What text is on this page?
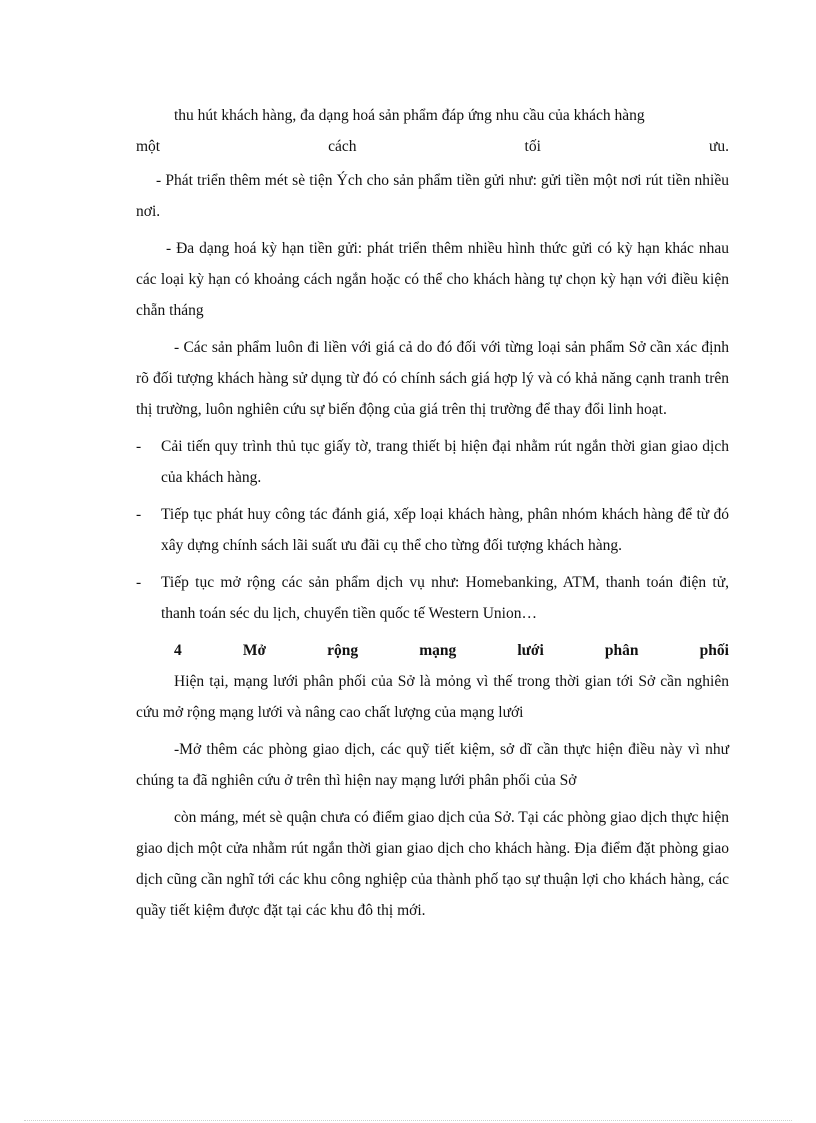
thu hút khách hàng, đa dạng hoá sản phẩm đáp ứng nhu cầu của khách hàng

một	cách	tối	ưu.

- Phát triển thêm mét sè tiện Ých cho sản phẩm tiền gửi như: gửi tiền một nơi rút tiền nhiều nơi.

- Đa dạng hoá kỳ hạn tiền gửi: phát triển thêm nhiều hình thức gửi có kỳ hạn khác nhau các loại kỳ hạn có khoảng cách ngắn hoặc có thể cho khách hàng tự chọn kỳ hạn với điều kiện chẵn tháng

- Các sản phẩm luôn đi liền với giá cả do đó đối với từng loại sản phẩm Sở cần xác định rõ đối tượng khách hàng sử dụng từ đó có chính sách giá hợp lý và có khả năng cạnh tranh trên thị trường, luôn nghiên cứu sự biến động của giá trên thị trường để thay đổi linh hoạt.

- Cải tiến quy trình thủ tục giấy tờ, trang thiết bị hiện đại nhằm rút ngắn thời gian giao dịch của khách hàng.
- Tiếp tục phát huy công tác đánh giá, xếp loại khách hàng, phân nhóm khách hàng để từ đó xây dựng chính sách lãi suất ưu đãi cụ thể cho từng đối tượng khách hàng.
- Tiếp tục mở rộng các sản phẩm dịch vụ như: Homebanking, ATM, thanh toán điện tử, thanh toán séc du lịch, chuyển tiền quốc tế Western Union…
4	Mở	rộng	mạng	lưới	phân	phối

Hiện tại, mạng lưới phân phối của Sở là mỏng vì thế trong thời gian tới Sở cần nghiên cứu mở rộng mạng lưới và nâng cao chất lượng của mạng lưới

-Mở thêm các phòng giao dịch, các quỹ tiết kiệm, sở dĩ cần thực hiện điều này vì như chúng ta đã nghiên cứu ở trên thì hiện nay mạng lưới phân phối của Sở

còn máng, mét sè quận chưa có điểm giao dịch của Sở. Tại các phòng giao dịch thực hiện giao dịch một cửa nhằm rút ngắn thời gian giao dịch cho khách hàng. Địa điểm đặt phòng giao dịch cũng cần nghĩ tới các khu công nghiệp của thành phố tạo sự thuận lợi cho khách hàng, các quầy tiết kiệm được đặt tại các khu đô thị mới.
